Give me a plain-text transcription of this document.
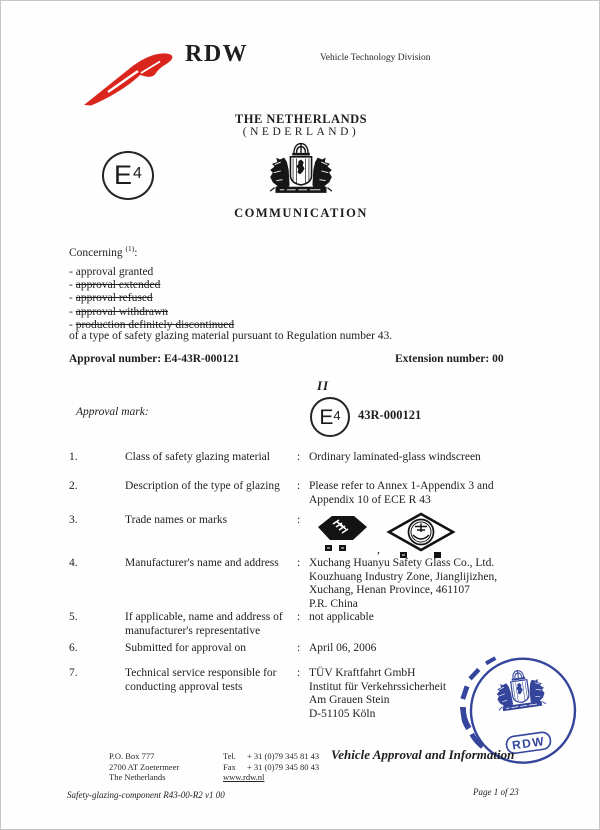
RDW	Vehicle Technology Division
THE NETHERLANDS
(NEDERLAND)
COMMUNICATION
E 4
Concerning $^{(1)}$:
- approval granted
- approval extended
- approval refused
- approval withdrawn
- production definitely discontinued
of a type of safety glazing material pursuant to Regulation number 43.
Approval number: E4-43R-000121	Extension number: 00
Approval mark:
II
E 4 43R-000121
1.	Class of safety glazing material	: Ordinary laminated-glass windscreen
2.	Description of the type of glazing	: Please refer to Annex 1-Appendix 3 and
Appendix 10 of ECE R 43
3.	Trade names or marks	:
,
4.	Manufacturer's name and address	: Xuchang Huanyu Safety Glass Co., Ltd.
Kouzhuang Industry Zone, Jianglijizhen,
Xuchang, Henan Province, 461107
P.R. China
5.	If applicable, name and address of
manufacturer's representative
: not applicable
6.	Submitted for approval on	: April 06, 2006
7.	Technical service responsible for
conducting approval tests
: TÜV Kraftfahrt GmbH
Institut für Verkehrssicherheit
Am Grauen Stein
D-51105 Köln
RDW
P.O. Box 777
2700 AT Zoetermeer
The Netherlands
Tel. + 31 (0)79 345 81 43
Fax + 31 (0)79 345 80 43
www.rdw.nl
Vehicle Approval and Information
Safety-glazing-component R43-00-R2 v1 00	Page 1 of 23
